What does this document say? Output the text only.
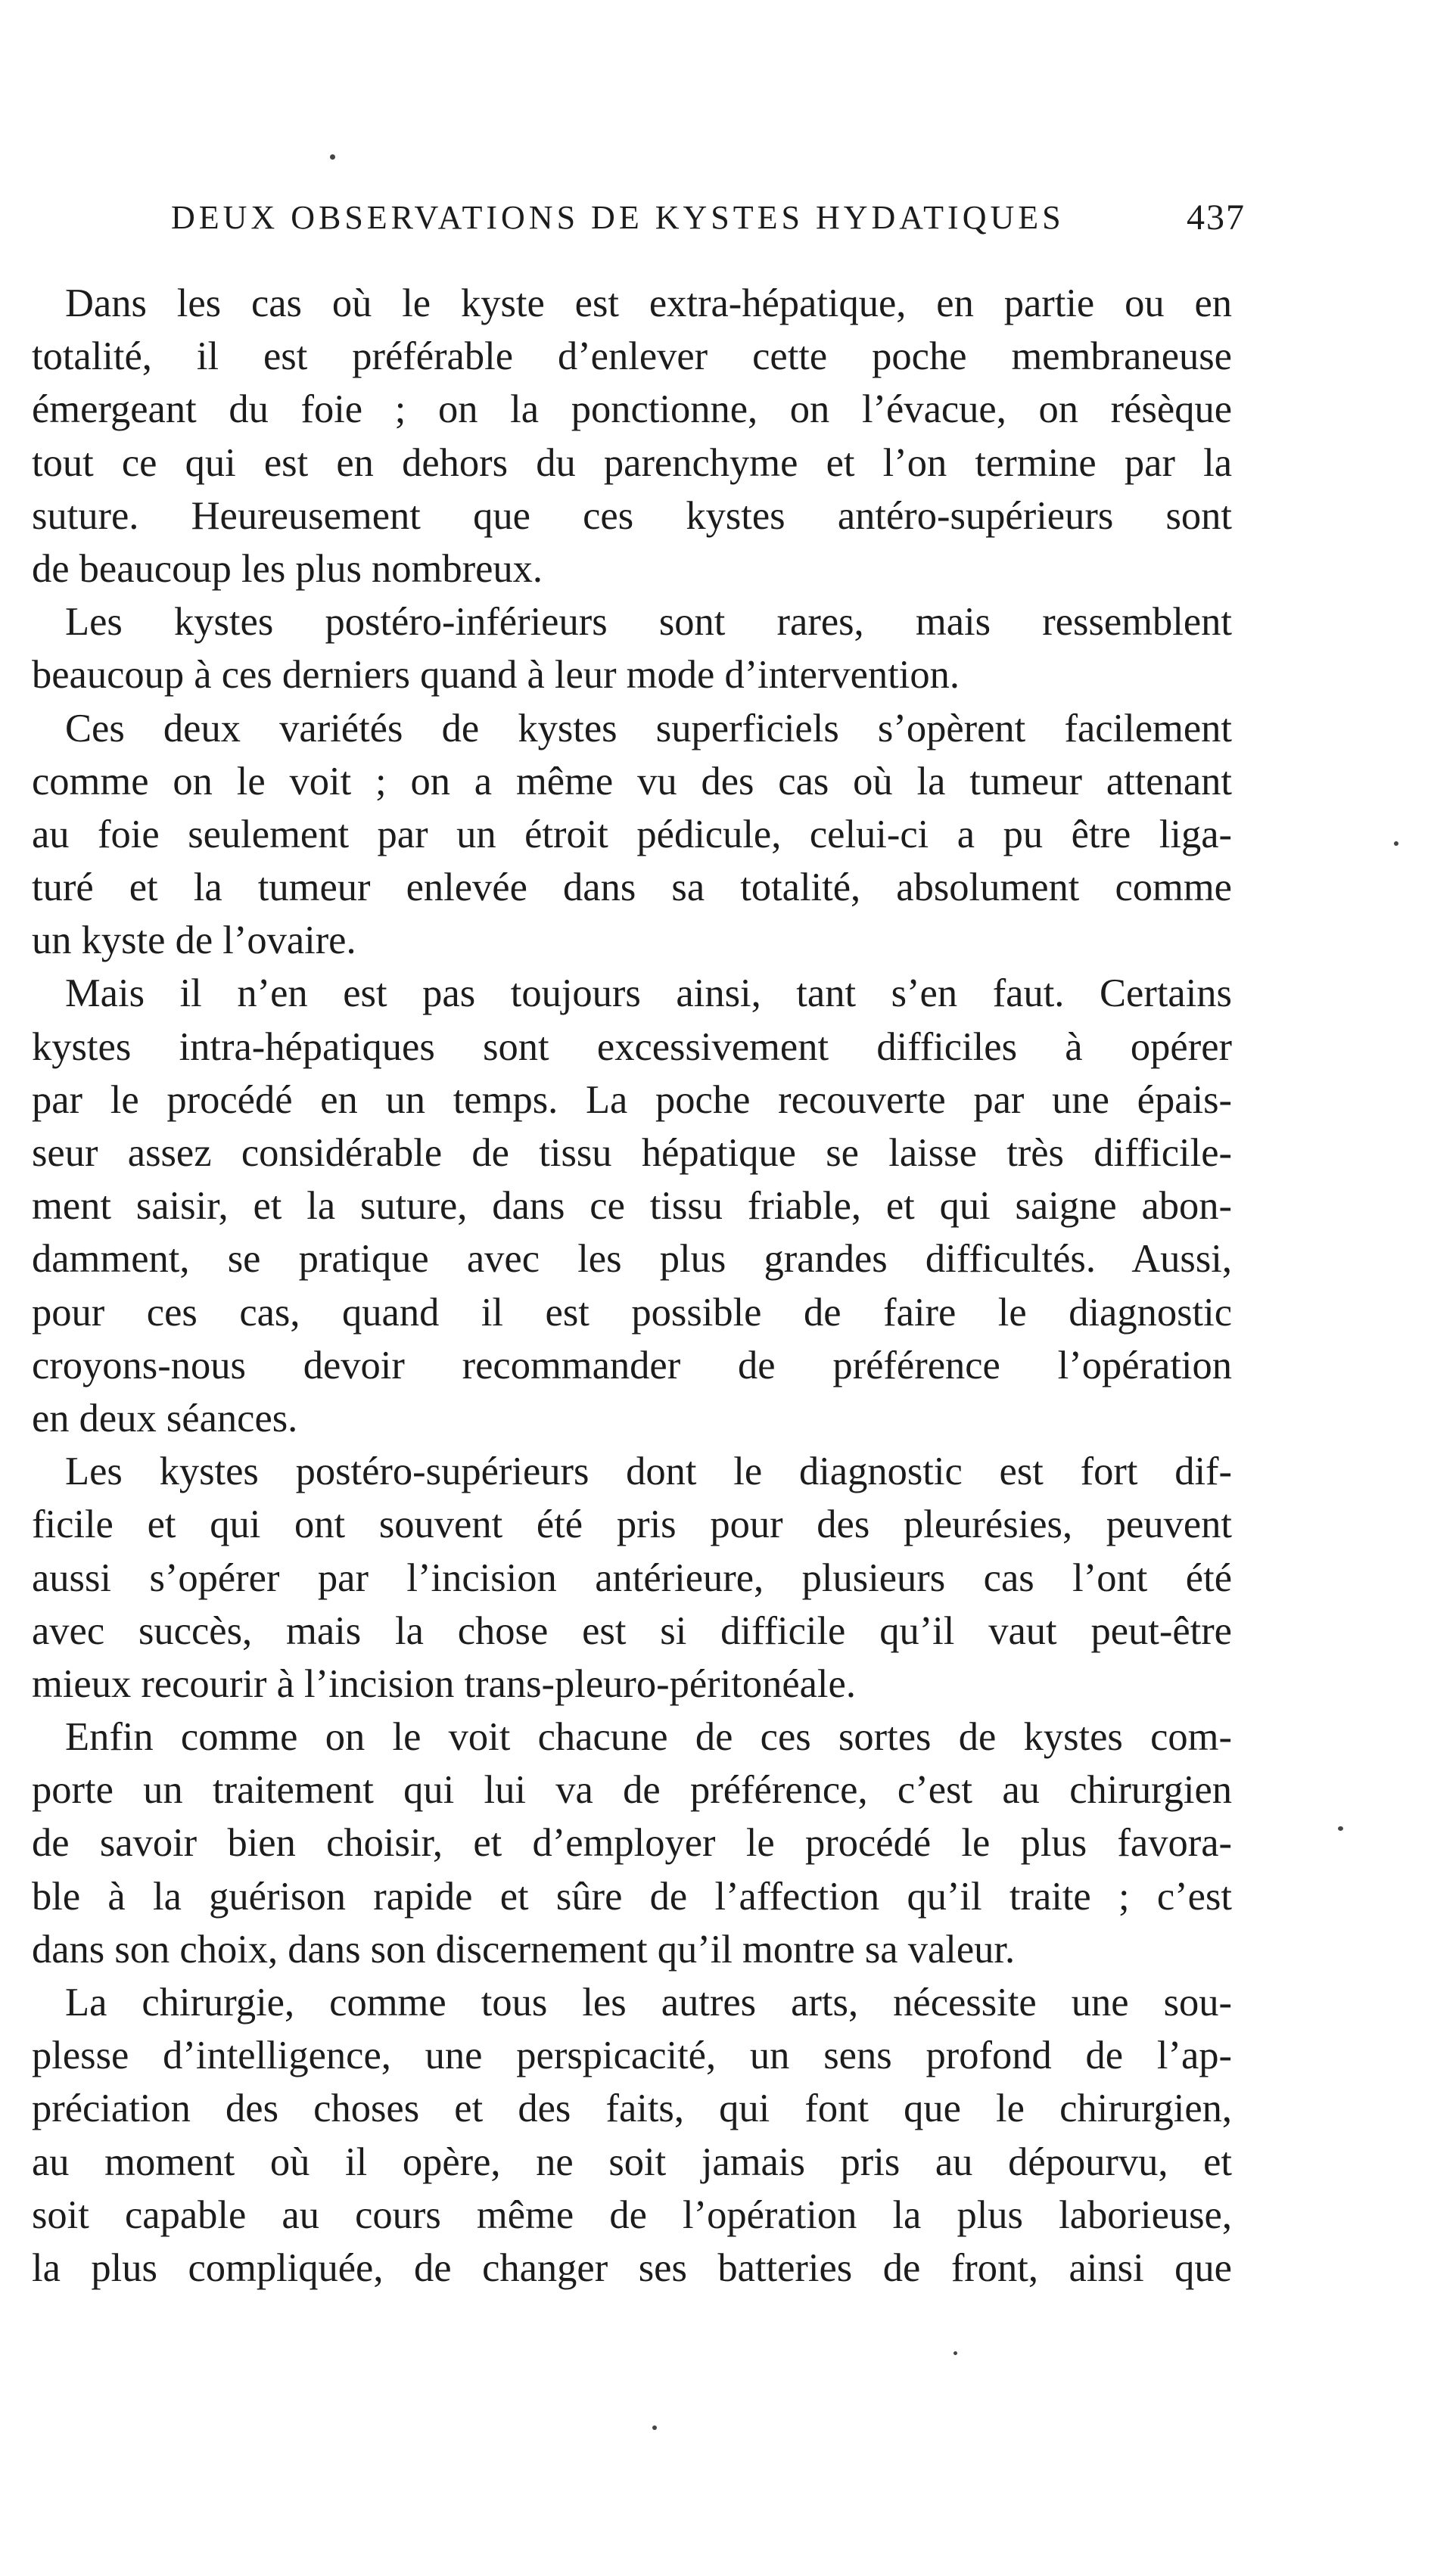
DEUX OBSERVATIONS DE KYSTES HYDATIQUES	437
Dans les cas où le kyste est extra-hépatique, en partie ou en
totalité, il est préférable d’enlever cette poche membraneuse
émergeant du foie ; on la ponctionne, on l’évacue, on résèque
tout ce qui est en dehors du parenchyme et l’on termine par la
suture. Heureusement que ces kystes antéro-supérieurs sont
de beaucoup les plus nombreux.
Les kystes postéro-inférieurs sont rares, mais ressemblent
beaucoup à ces derniers quand à leur mode d’intervention.
Ces deux variétés de kystes superficiels s’opèrent facilement
comme on le voit ; on a même vu des cas où la tumeur attenant
au foie seulement par un étroit pédicule, celui-ci a pu être liga-
turé et la tumeur enlevée dans sa totalité, absolument comme
un kyste de l’ovaire.
Mais il n’en est pas toujours ainsi, tant s’en faut. Certains
kystes intra-hépatiques sont excessivement difficiles à opérer
par le procédé en un temps. La poche recouverte par une épais-
seur assez considérable de tissu hépatique se laisse très difficile-
ment saisir, et la suture, dans ce tissu friable, et qui saigne abon-
damment, se pratique avec les plus grandes difficultés. Aussi,
pour ces cas, quand il est possible de faire le diagnostic
croyons-nous devoir recommander de préférence l’opération
en deux séances.
Les kystes postéro-supérieurs dont le diagnostic est fort dif-
ficile et qui ont souvent été pris pour des pleurésies, peuvent
aussi s’opérer par l’incision antérieure, plusieurs cas l’ont été
avec succès, mais la chose est si difficile qu’il vaut peut-être
mieux recourir à l’incision trans-pleuro-péritonéale.
Enfin comme on le voit chacune de ces sortes de kystes com-
porte un traitement qui lui va de préférence, c’est au chirurgien
de savoir bien choisir, et d’employer le procédé le plus favora-
ble à la guérison rapide et sûre de l’affection qu’il traite ; c’est
dans son choix, dans son discernement qu’il montre sa valeur.
La chirurgie, comme tous les autres arts, nécessite une sou-
plesse d’intelligence, une perspicacité, un sens profond de l’ap-
préciation des choses et des faits, qui font que le chirurgien,
au moment où il opère, ne soit jamais pris au dépourvu, et
soit capable au cours même de l’opération la plus laborieuse,
la plus compliquée, de changer ses batteries de front, ainsi que
